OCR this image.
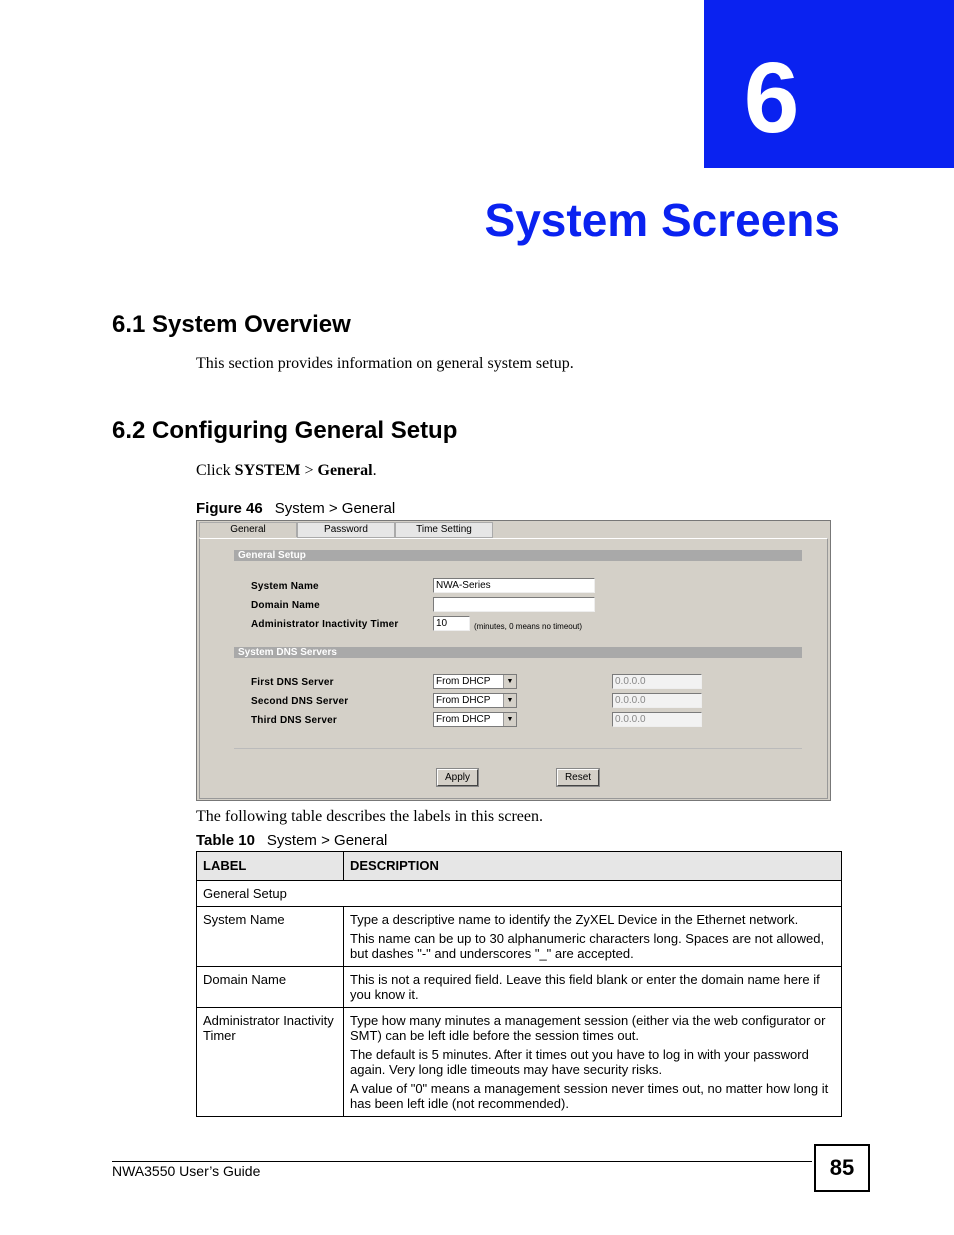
6
System Screens
6.1 System Overview
This section provides information on general system setup.
6.2 Configuring General Setup
Click SYSTEM > General.
Figure 46 System > General
General	Password	Time Setting
General Setup
System Name	NWA-Series
Domain Name
Administrator Inactivity Timer	10	(minutes, 0 means no timeout)
System DNS Servers
First DNS Server	From DHCP	▼	0.0.0.0
Second DNS Server	From DHCP	▼	0.0.0.0
Third DNS Server	From DHCP	▼	0.0.0.0
Apply	Reset
The following table describes the labels in this screen.
Table 10 System > General
LABEL	DESCRIPTION
General Setup	
System Name	Type a descriptive name to identify the ZyXEL Device in the Ethernet network.

This name can be up to 30 alphanumeric characters long. Spaces are not allowed, but dashes "-" and underscores "_" are accepted.

Domain Name	This is not a required field. Leave this field blank or enter the domain name here if you know it.

Administrator Inactivity Timer	Type how many minutes a management session (either via the web configurator or SMT) can be left idle before the session times out.

The default is 5 minutes. After it times out you have to log in with your password again. Very long idle timeouts may have security risks.

A value of "0" means a management session never times out, no matter how long it has been left idle (not recommended).

NWA3550 User’s Guide	85
